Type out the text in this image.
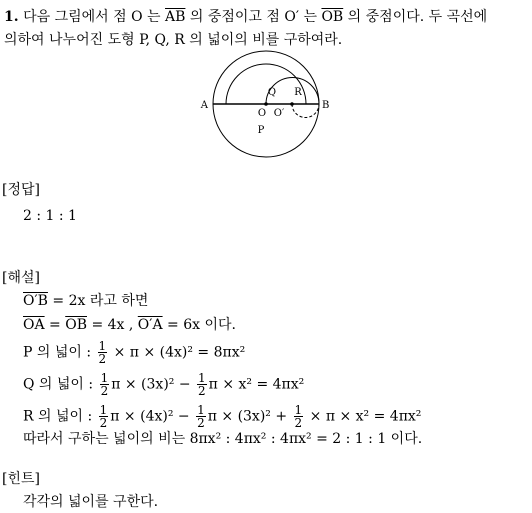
1. 다음 그림에서 점 O 는 $\overline{AB}$ 의 중점이고 점 O′ 는 $\overline{OB}$ 의 중점이다. 두 곡선에
의하여 나누어진 도형 P, Q, R 의 넓이의 비를 구하여라.
A	B
O O′
Q R
P
[정답]
2 : 1 : 1
[해설]
O′B = 2x 라고 하면
$\overline{OA} = \overline{OB} = 4x$ , O′A = 6x 이다.
P 의 넓이 : $\frac{1}{2} \times \pi \times (4x)^2 = 8\pi x^2$
Q 의 넓이 : $\frac{1}{2}$ $\pi \times (3x)^2 - \frac{1}{2}$ π × x² = 4πx²
R 의 넓이 : $\frac{1}{2}$ $\pi \times (4x)^2 - \frac{1}{2}$ $\pi \times (3x)^2 + \frac{1}{2} \times \pi \times x^2 = 4\pi x^2$
따라서 구하는 넓이의 비는 8πx² : 4πx² : 4πx² = 2 : 1 : 1 이다.
[힌트]
각각의 넓이를 구한다.
